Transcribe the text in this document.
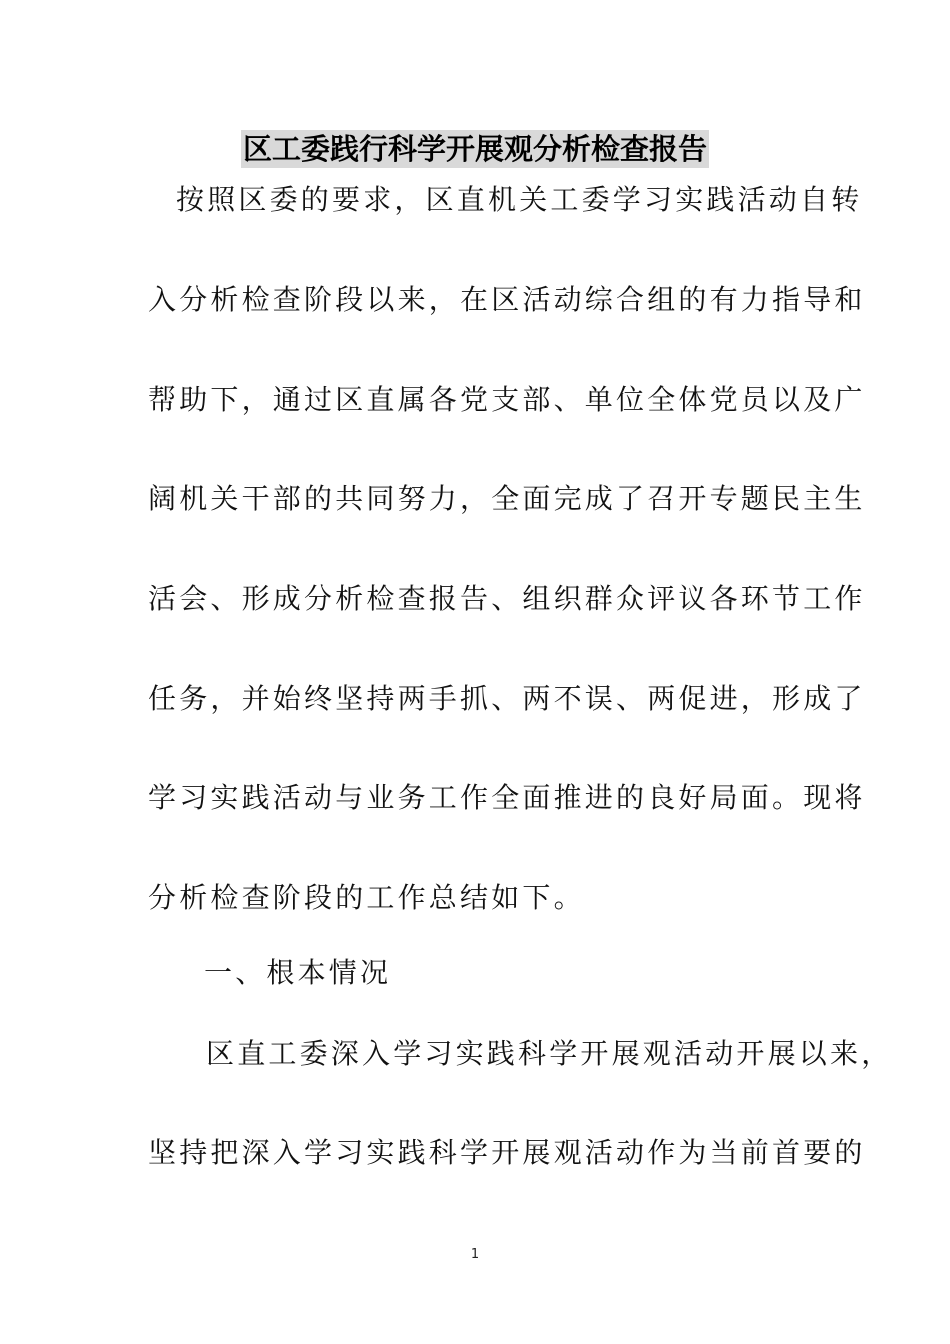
区工委践行科学开展观分析检查报告
按照区委的要求，区直机关工委学习实践活动自转
入分析检查阶段以来，在区活动综合组的有力指导和
帮助下，通过区直属各党支部、单位全体党员以及广
阔机关干部的共同努力，全面完成了召开专题民主生
活会、形成分析检查报告、组织群众评议各环节工作
任务，并始终坚持两手抓、两不误、两促进，形成了
学习实践活动与业务工作全面推进的良好局面。现将
分析检查阶段的工作总结如下。
一、根本情况
区直工委深入学习实践科学开展观活动开展以来，
坚持把深入学习实践科学开展观活动作为当前首要的
1
